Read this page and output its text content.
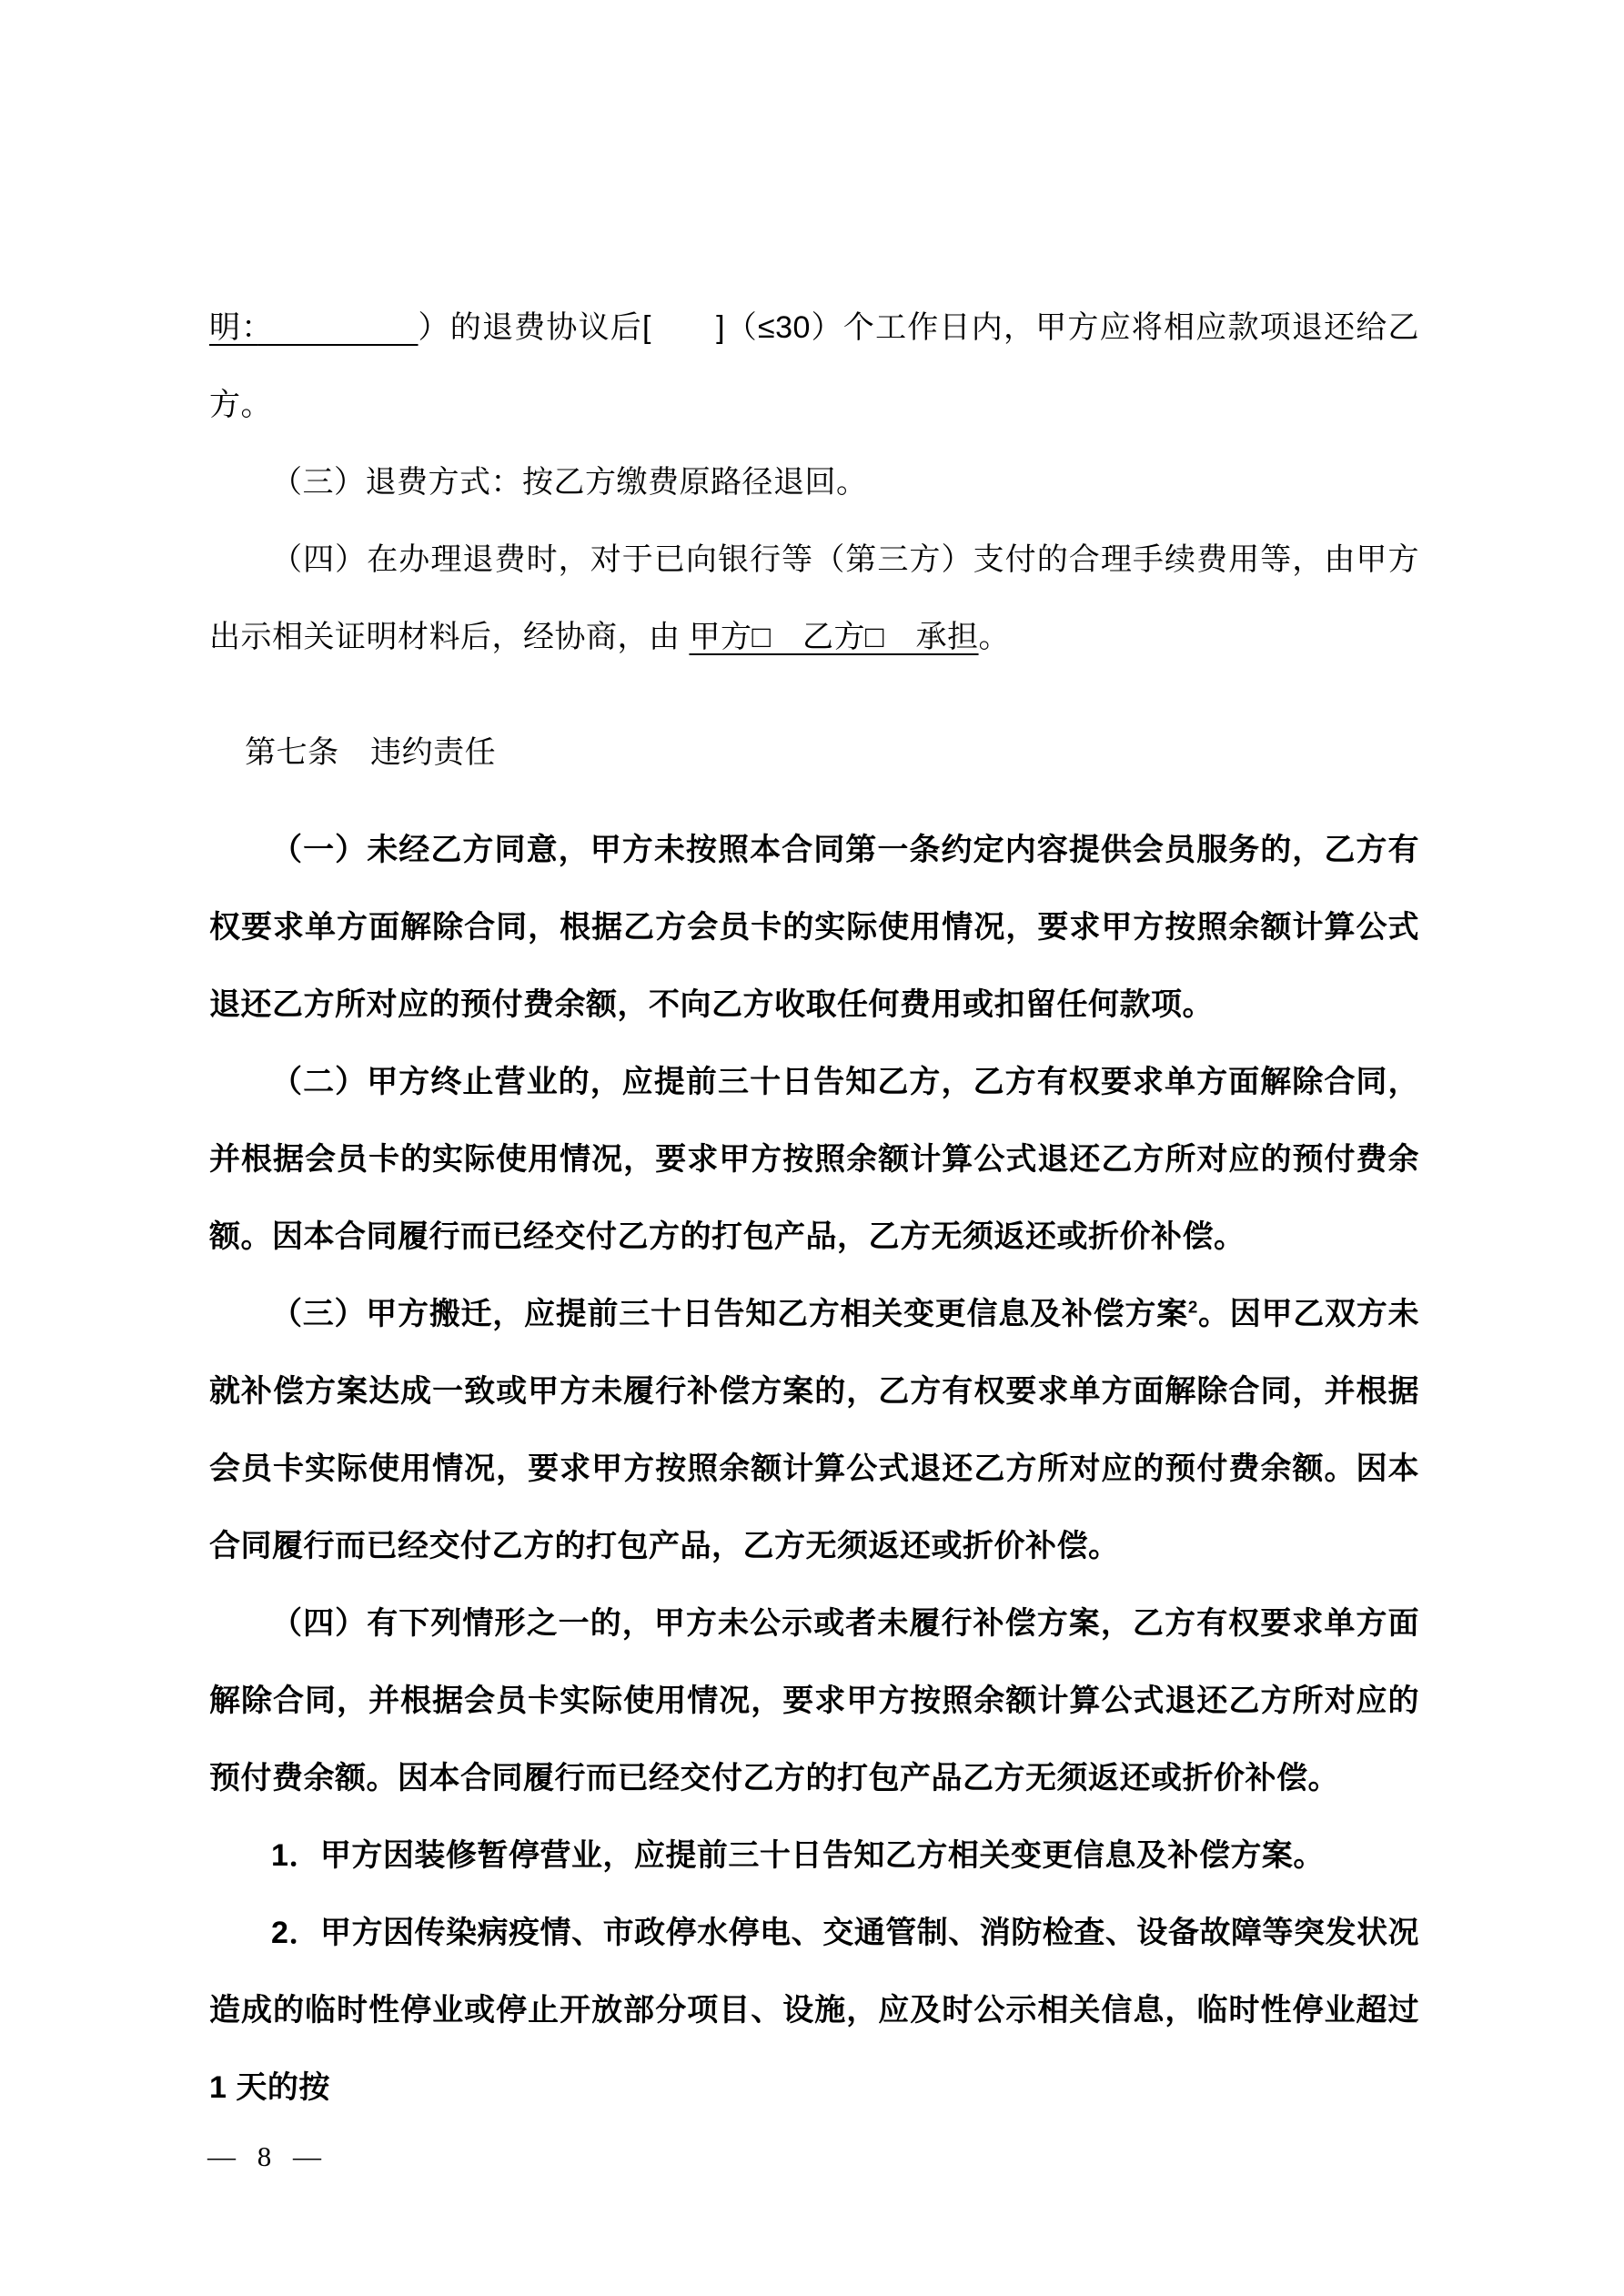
明：　　　　　	）的退费协议后[　　]（≤30）个工作日内，甲方应将相应款项退还给乙方。

（三）退费方式：按乙方缴费原路径退回。

（四）在办理退费时，对于已向银行等（第三方）支付的合理手续费用等，由甲方出示相关证明材料后，经协商，由 甲方□　乙方□　承担。

第七条　违约责任

（一）未经乙方同意，甲方未按照本合同第一条约定内容提供会员服务的，乙方有权要求单方面解除合同，根据乙方会员卡的实际使用情况，要求甲方按照余额计算公式退还乙方所对应的预付费余额，不向乙方收取任何费用或扣留任何款项。

（二）甲方终止营业的，应提前三十日告知乙方，乙方有权要求单方面解除合同，并根据会员卡的实际使用情况，要求甲方按照余额计算公式退还乙方所对应的预付费余额。因本合同履行而已经交付乙方的打包产品，乙方无须返还或折价补偿。

（三）甲方搬迁，应提前三十日告知乙方相关变更信息及补偿方案$^2$。因甲乙双方未就补偿方案达成一致或甲方未履行补偿方案的，乙方有权要求单方面解除合同，并根据会员卡实际使用情况，要求甲方按照余额计算公式退还乙方所对应的预付费余额。因本合同履行而已经交付乙方的打包产品，乙方无须返还或折价补偿。

（四）有下列情形之一的，甲方未公示或者未履行补偿方案，乙方有权要求单方面解除合同，并根据会员卡实际使用情况，要求甲方按照余额计算公式退还乙方所对应的预付费余额。因本合同履行而已经交付乙方的打包产品乙方无须返还或折价补偿。

1．甲方因装修暂停营业，应提前三十日告知乙方相关变更信息及补偿方案。

2．甲方因传染病疫情、市政停水停电、交通管制、消防检查、设备故障等突发状况造成的临时性停业或停止开放部分项目、设施，应及时公示相关信息，临时性停业超过 1 天的按

— 8 —
